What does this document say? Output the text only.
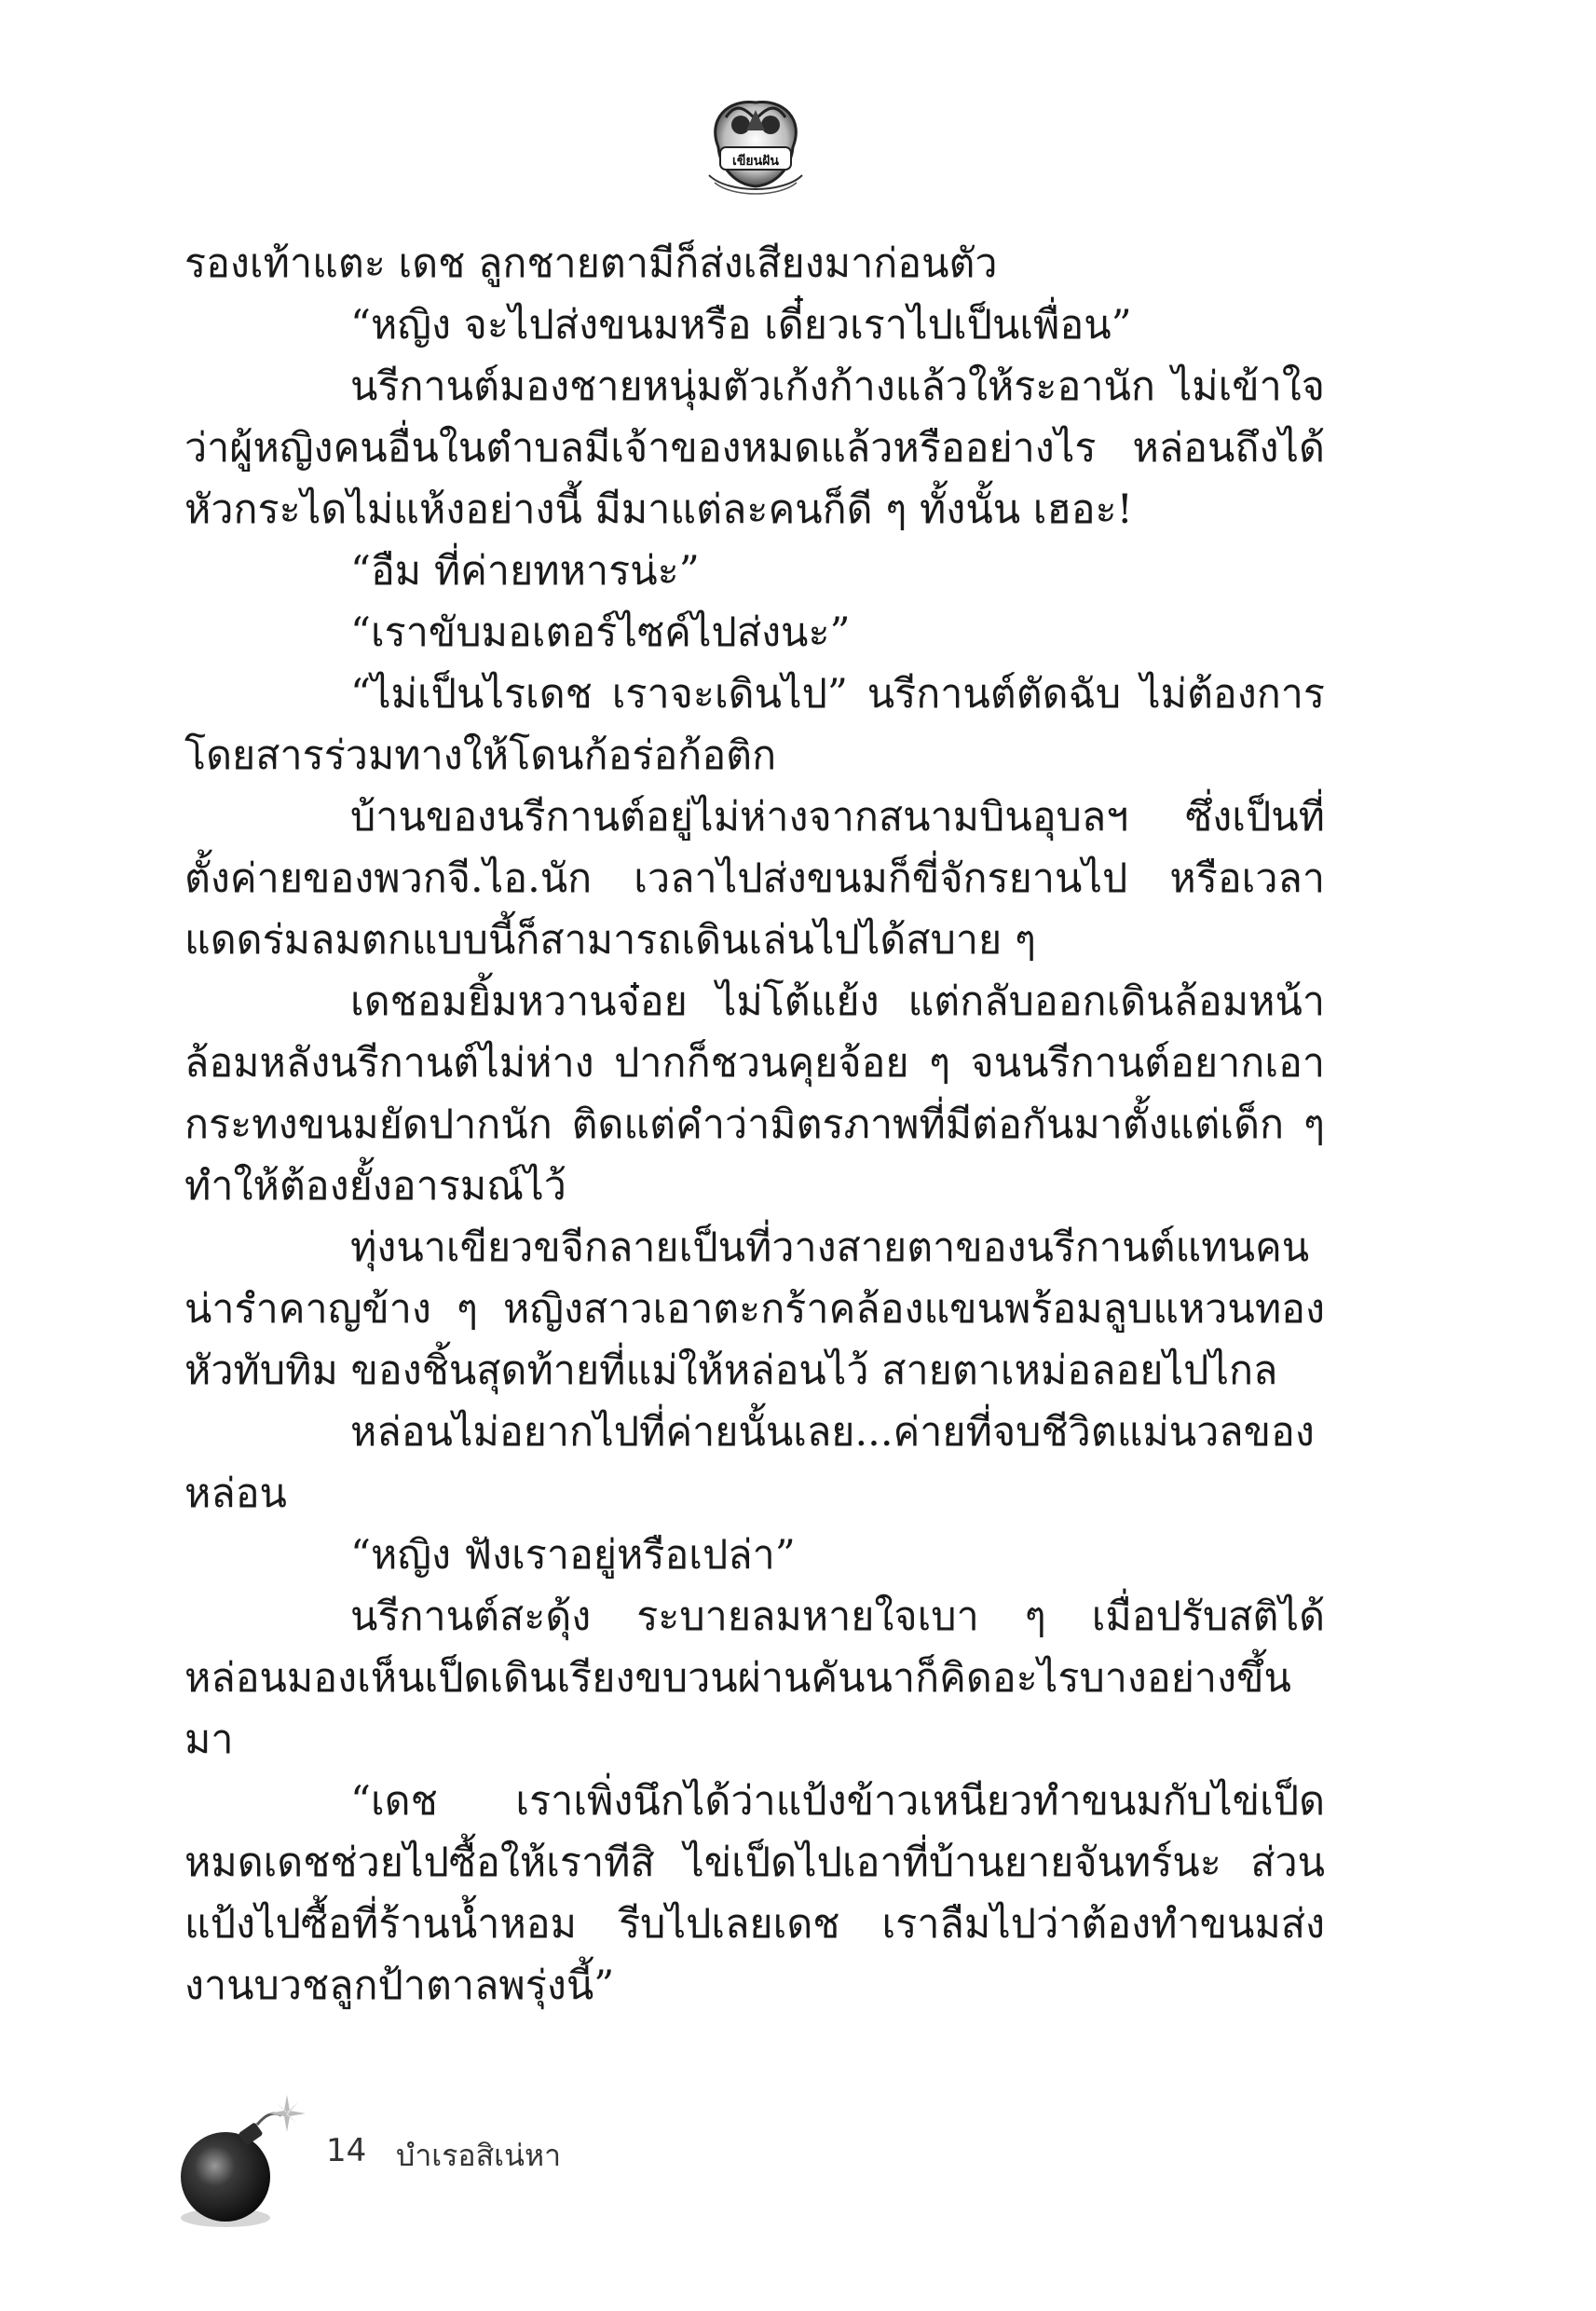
เขียนฝัน

รองเท้าแตะ เดช ลูกชายตามีก็ส่งเสียงมาก่อนตัว

“หญิง จะไปส่งขนมหรือ เดี๋ยวเราไปเป็นเพื่อน”

นรีกานต์มองชายหนุ่มตัวเก้งก้างแล้วให้ระอานัก ไม่เข้าใจว่าผู้หญิงคนอื่นในตำบลมีเจ้าของหมดแล้วหรืออย่างไร หล่อนถึงได้หัวกระไดไม่แห้งอย่างนี้ มีมาแต่ละคนก็ดี ๆ ทั้งนั้น เฮอะ!

“อืม ที่ค่ายทหารน่ะ”

“เราขับมอเตอร์ไซค์ไปส่งนะ”

“ไม่เป็นไรเดช เราจะเดินไป” นรีกานต์ตัดฉับ ไม่ต้องการโดยสารร่วมทางให้โดนก้อร่อก้อติก

บ้านของนรีกานต์อยู่ไม่ห่างจากสนามบินอุบลฯ ซึ่งเป็นที่ตั้งค่ายของพวกจี.ไอ.นัก เวลาไปส่งขนมก็ขี่จักรยานไป หรือเวลาแดดร่มลมตกแบบนี้ก็สามารถเดินเล่นไปได้สบาย ๆ

เดชอมยิ้มหวานจ๋อย ไม่โต้แย้ง แต่กลับออกเดินล้อมหน้าล้อมหลังนรีกานต์ไม่ห่าง ปากก็ชวนคุยจ้อย ๆ จนนรีกานต์อยากเอากระทงขนมยัดปากนัก ติดแต่คำว่ามิตรภาพที่มีต่อกันมาตั้งแต่เด็ก ๆ ทำให้ต้องยั้งอารมณ์ไว้

ทุ่งนาเขียวขจีกลายเป็นที่วางสายตาของนรีกานต์แทนคนน่ารำคาญข้าง ๆ หญิงสาวเอาตะกร้าคล้องแขนพร้อมลูบแหวนทองหัวทับทิม ของชิ้นสุดท้ายที่แม่ให้หล่อนไว้ สายตาเหม่อลอยไปไกล

หล่อนไม่อยากไปที่ค่ายนั้นเลย...ค่ายที่จบชีวิตแม่นวลของหล่อน

“หญิง ฟังเราอยู่หรือเปล่า”

นรีกานต์สะดุ้ง ระบายลมหายใจเบา ๆ เมื่อปรับสติได้ หล่อนมองเห็นเป็ดเดินเรียงขบวนผ่านคันนาก็คิดอะไรบางอย่างขึ้นมา

“เดช เราเพิ่งนึกได้ว่าแป้งข้าวเหนียวทำขนมกับไข่เป็ดหมดเดชช่วยไปซื้อให้เราทีสิ ไข่เป็ดไปเอาที่บ้านยายจันทร์นะ ส่วนแป้งไปซื้อที่ร้านน้ำหอม รีบไปเลยเดช เราลืมไปว่าต้องทำขนมส่งงานบวชลูกป้าตาลพรุ่งนี้”

14 บำเรอสิเน่หา
